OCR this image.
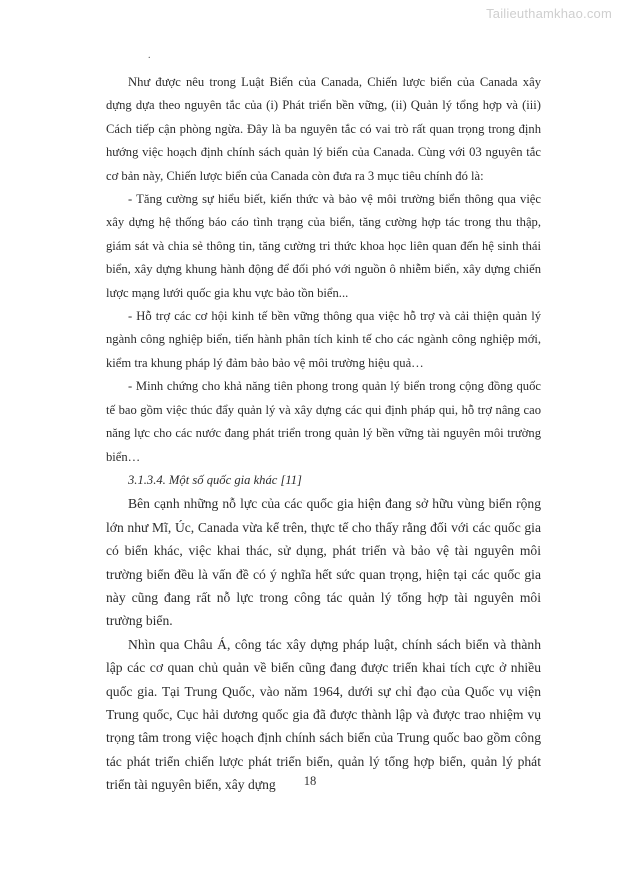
Tailieuthamkhao.com
.

Như được nêu trong Luật Biển của Canada, Chiến lược biển của Canada xây dựng dựa theo nguyên tắc của (i) Phát triển bền vững, (ii) Quản lý tổng hợp và (iii) Cách tiếp cận phòng ngừa. Đây là ba nguyên tắc có vai trò rất quan trọng trong định hướng việc hoạch định chính sách quản lý biển của Canada. Cùng với 03 nguyên tắc cơ bản này, Chiến lược biển của Canada còn đưa ra 3 mục tiêu chính đó là:

- Tăng cường sự hiểu biết, kiến thức và bảo vệ môi trường biển thông qua việc xây dựng hệ thống báo cáo tình trạng của biển, tăng cường hợp tác trong thu thập, giám sát và chia sẻ thông tin, tăng cường tri thức khoa học liên quan đến hệ sinh thái biển, xây dựng khung hành động để đối phó với nguồn ô nhiễm biển, xây dựng chiến lược mạng lưới quốc gia khu vực bảo tồn biển...

- Hỗ trợ các cơ hội kinh tế bền vững thông qua việc hỗ trợ và cải thiện quản lý ngành công nghiệp biển, tiến hành phân tích kinh tế cho các ngành công nghiệp mới, kiểm tra khung pháp lý đảm bảo bảo vệ môi trường hiệu quả…

- Minh chứng cho khả năng tiên phong trong quản lý biển trong cộng đồng quốc tế bao gồm việc thúc đẩy quản lý và xây dựng các qui định pháp qui, hỗ trợ nâng cao năng lực cho các nước đang phát triển trong quản lý bền vững tài nguyên môi trường biển…

3.1.3.4. Một số quốc gia khác [11]

Bên cạnh những nỗ lực của các quốc gia hiện đang sở hữu vùng biển rộng lớn như Mĩ, Úc, Canada vừa kể trên, thực tế cho thấy rằng đối với các quốc gia có biển khác, việc khai thác, sử dụng, phát triển và bảo vệ tài nguyên môi trường biển đều là vấn đề có ý nghĩa hết sức quan trọng, hiện tại các quốc gia này cũng đang rất nỗ lực trong công tác quản lý tổng hợp tài nguyên môi trường biển.

Nhìn qua Châu Á, công tác xây dựng pháp luật, chính sách biển và thành lập các cơ quan chủ quản về biển cũng đang được triển khai tích cực ở nhiều quốc gia. Tại Trung Quốc, vào năm 1964, dưới sự chỉ đạo của Quốc vụ viện Trung quốc, Cục hải dương quốc gia đã được thành lập và được trao nhiệm vụ trọng tâm trong việc hoạch định chính sách biển của Trung quốc bao gồm công tác phát triển chiến lược phát triển biển, quản lý tổng hợp biển, quản lý phát triển tài nguyên biển, xây dựng	18
